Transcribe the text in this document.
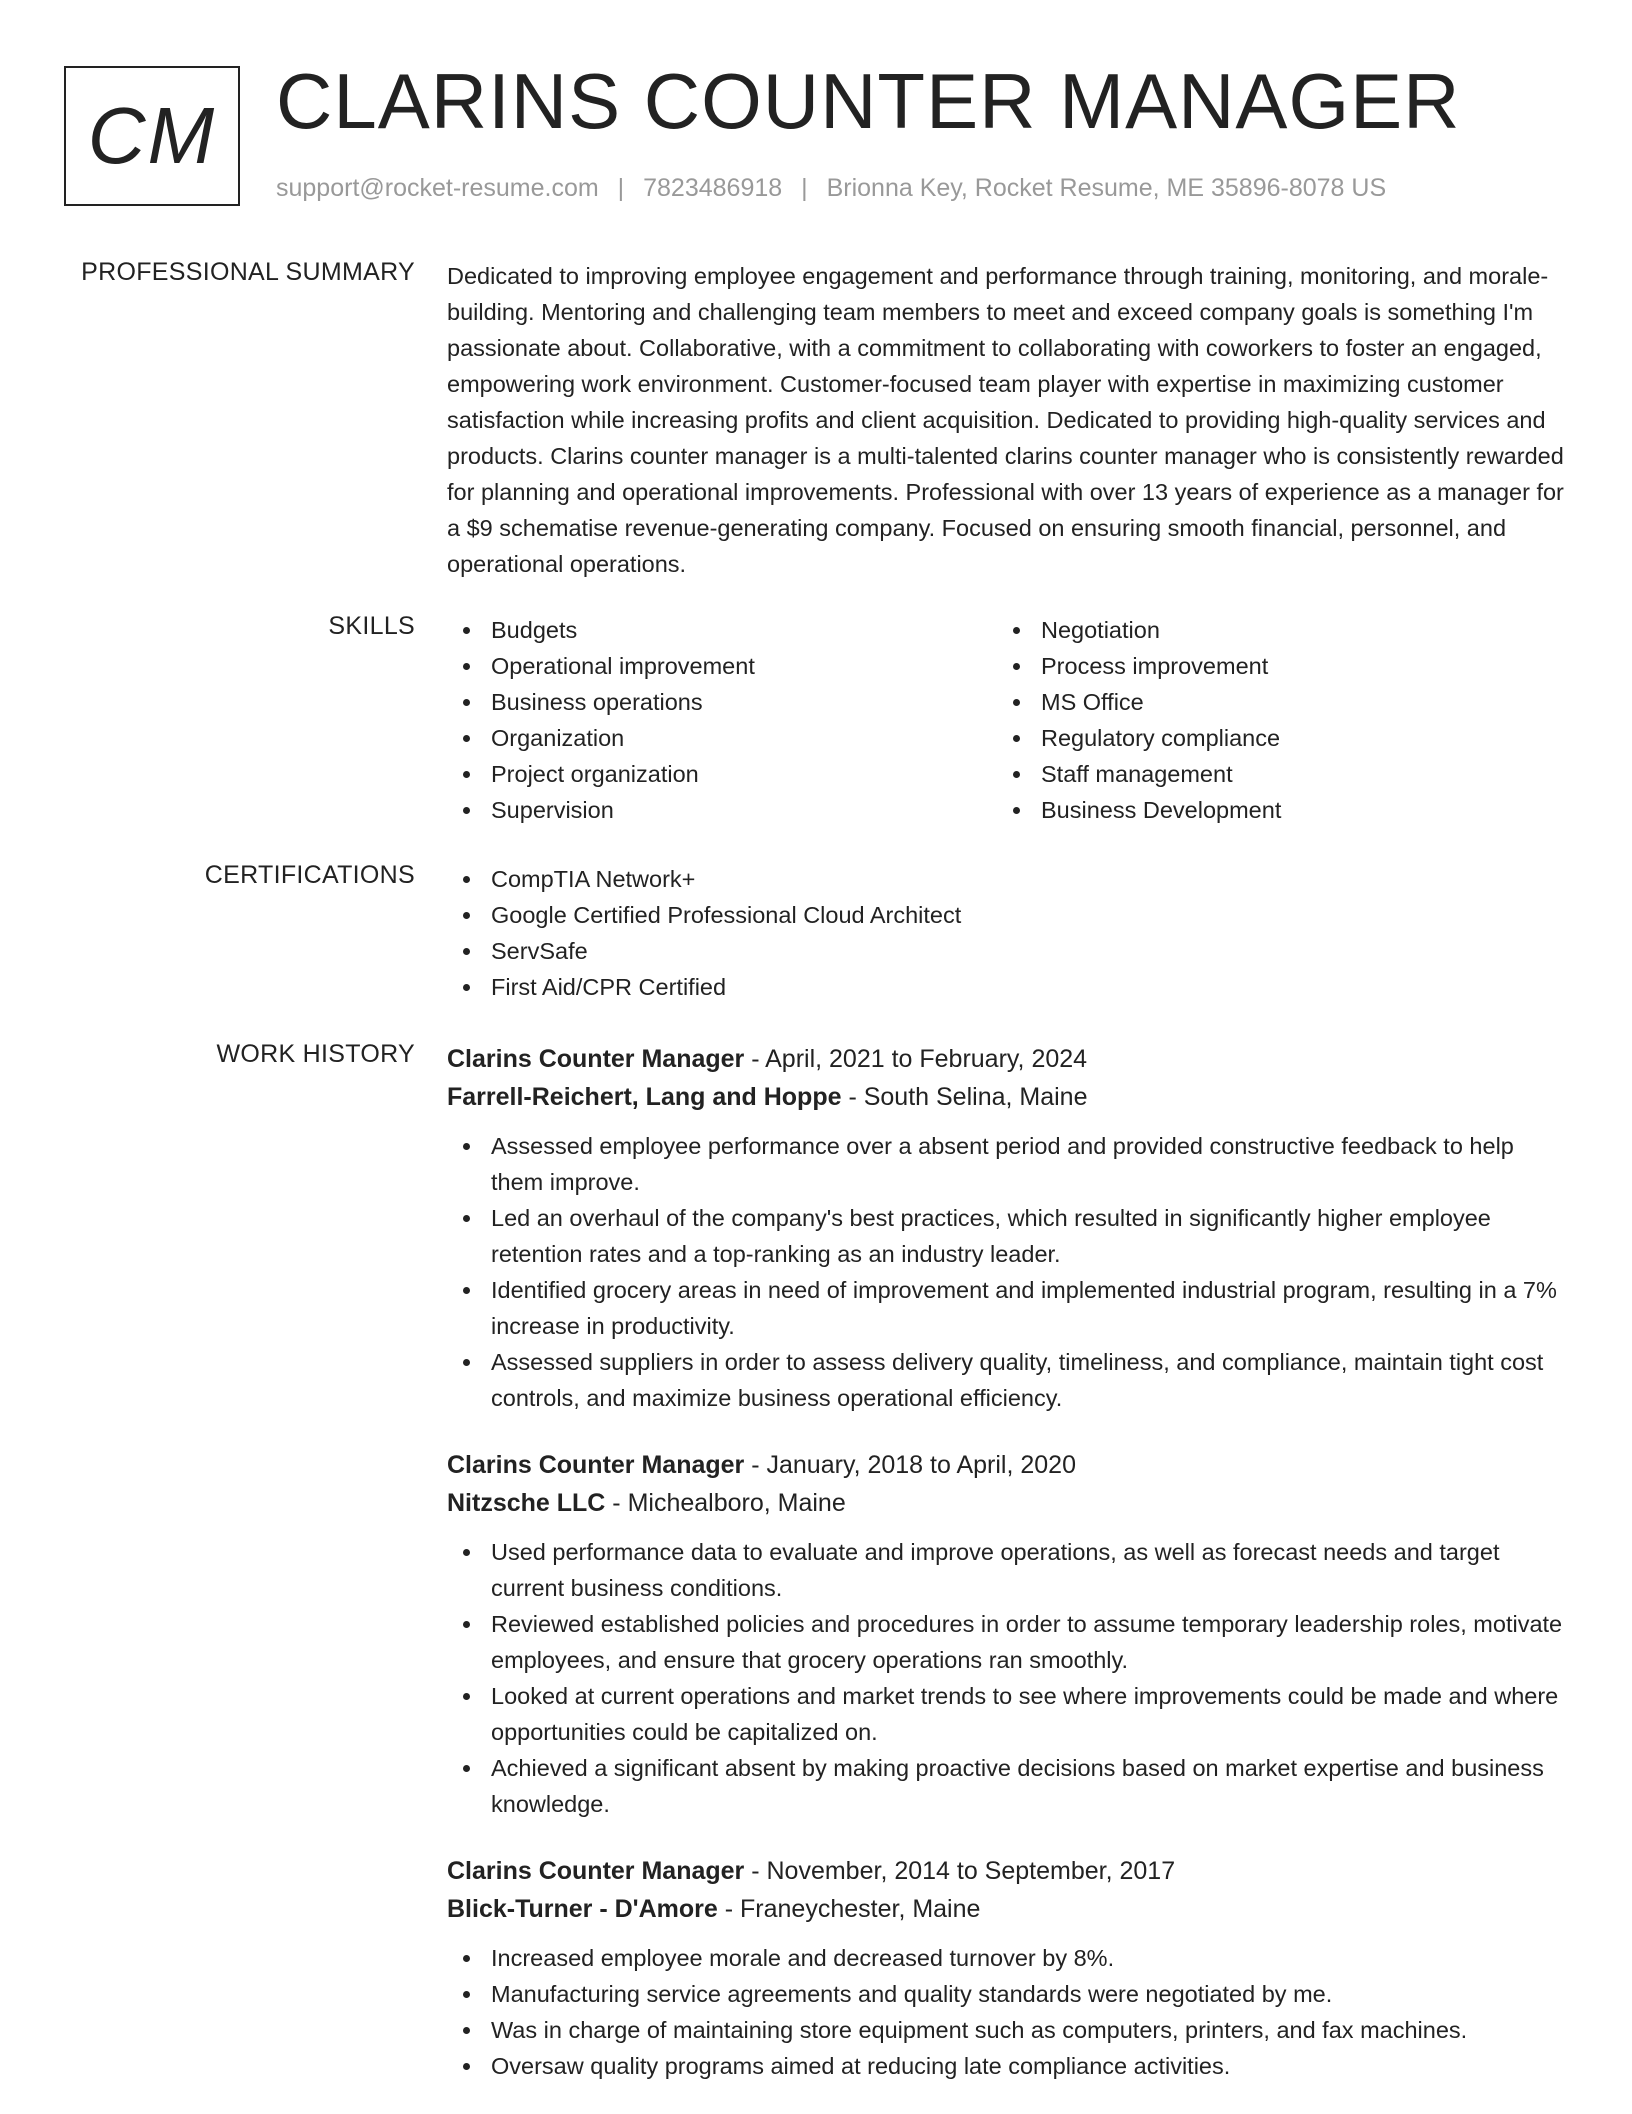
CM CLARINS COUNTER MANAGER
support@rocket-resume.com | 7823486918 | Brionna Key, Rocket Resume, ME 35896-8078 US
PROFESSIONAL SUMMARY Dedicated to improving employee engagement and performance through training, monitoring, and morale-building. Mentoring and challenging team members to meet and exceed company goals is something I'm passionate about. Collaborative, with a commitment to collaborating with coworkers to foster an engaged, empowering work environment. Customer-focused team player with expertise in maximizing customer satisfaction while increasing profits and client acquisition. Dedicated to providing high-quality services and products. Clarins counter manager is a multi-talented clarins counter manager who is consistently rewarded for planning and operational improvements. Professional with over 13 years of experience as a manager for a $9 schematise revenue-generating company. Focused on ensuring smooth financial, personnel, and operational operations.

SKILLS	Budgets
Operational improvement
Business operations
Organization
Project organization
Supervision
Negotiation
Process improvement
MS Office
Regulatory compliance
Staff management
Business Development
CERTIFICATIONS	CompTIA Network+
Google Certified Professional Cloud Architect
ServSafe
First Aid/CPR Certified
WORK HISTORY Clarins Counter Manager - April, 2021 to February, 2024
Farrell-Reichert, Lang and Hoppe - South Selina, Maine
Assessed employee performance over a absent period and provided constructive feedback to help them improve.
Led an overhaul of the company's best practices, which resulted in significantly higher employee retention rates and a top-ranking as an industry leader.
Identified grocery areas in need of improvement and implemented industrial program, resulting in a 7% increase in productivity.
Assessed suppliers in order to assess delivery quality, timeliness, and compliance, maintain tight cost controls, and maximize business operational efficiency.
Clarins Counter Manager - January, 2018 to April, 2020
Nitzsche LLC - Michealboro, Maine
Used performance data to evaluate and improve operations, as well as forecast needs and target current business conditions.
Reviewed established policies and procedures in order to assume temporary leadership roles, motivate employees, and ensure that grocery operations ran smoothly.
Looked at current operations and market trends to see where improvements could be made and where opportunities could be capitalized on.
Achieved a significant absent by making proactive decisions based on market expertise and business knowledge.
Clarins Counter Manager - November, 2014 to September, 2017
Blick-Turner - D'Amore - Franeychester, Maine
Increased employee morale and decreased turnover by 8%.
Manufacturing service agreements and quality standards were negotiated by me.
Was in charge of maintaining store equipment such as computers, printers, and fax machines.
Oversaw quality programs aimed at reducing late compliance activities.
